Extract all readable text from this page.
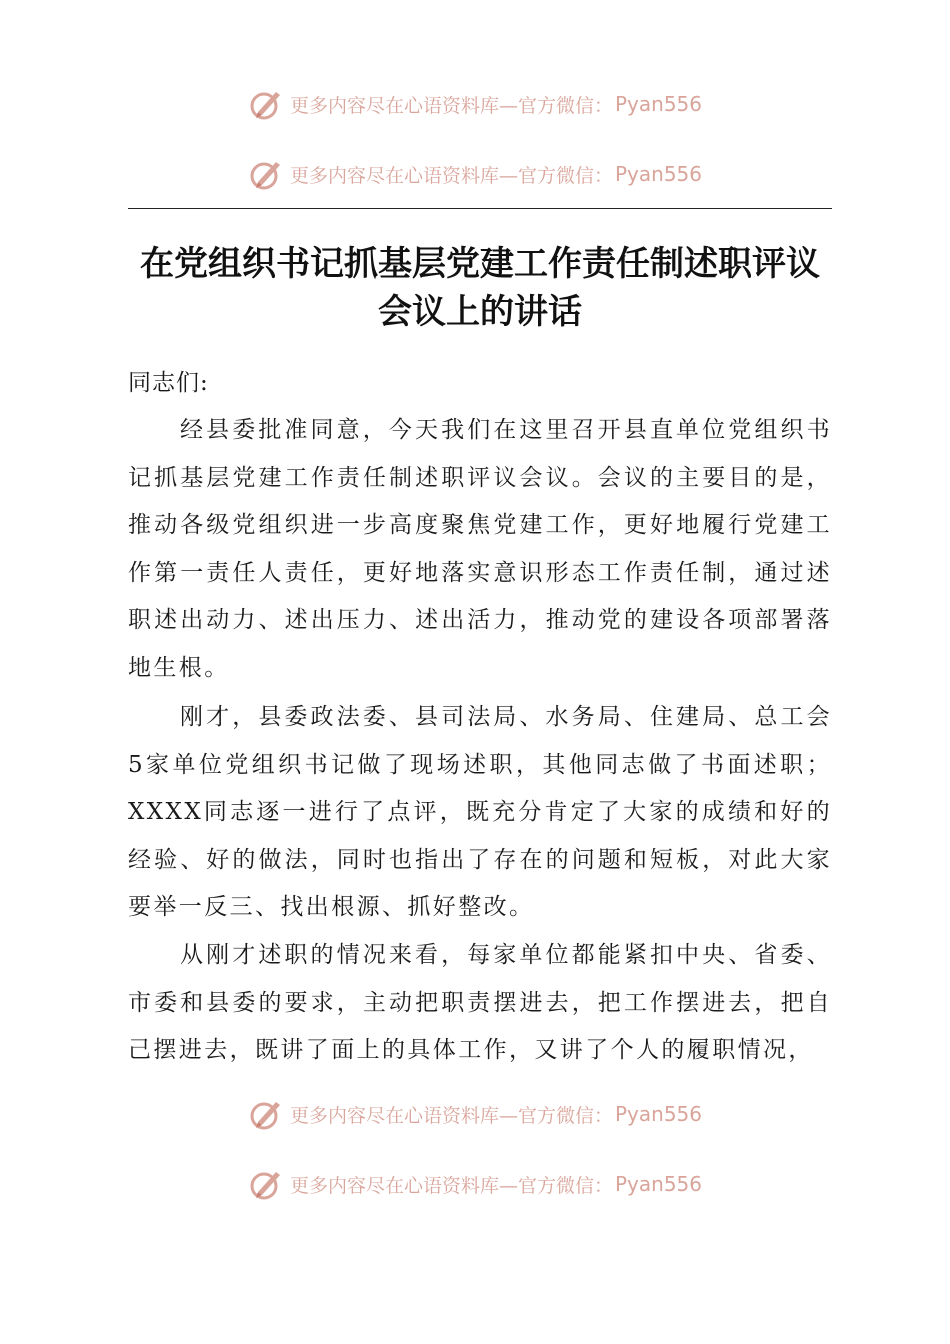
更多内容尽在心语资料库—官方微信： Pyan556
更多内容尽在心语资料库—官方微信： Pyan556
在党组织书记抓基层党建工作责任制述职评议
会议上的讲话
同志们:
经县委批准同意，今天我们在这里召开县直单位党组织书记抓基层党建工作责任制述职评议会议。会议的主要目的是，推动各级党组织进一步高度聚焦党建工作，更好地履行党建工作第一责任人责任，更好地落实意识形态工作责任制，通过述职述出动力、述出压力、述出活力，推动党的建设各项部署落地生根。
刚才，县委政法委、县司法局、水务局、住建局、总工会5家单位党组织书记做了现场述职，其他同志做了书面述职；XXXX同志逐一进行了点评，既充分肯定了大家的成绩和好的经验、好的做法，同时也指出了存在的问题和短板，对此大家要举一反三、找出根源、抓好整改。
从刚才述职的情况来看，每家单位都能紧扣中央、省委、市委和县委的要求，主动把职责摆进去，把工作摆进去，把自己摆进去，既讲了面上的具体工作，又讲了个人的履职情况，
更多内容尽在心语资料库—官方微信： Pyan556
更多内容尽在心语资料库—官方微信： Pyan556
